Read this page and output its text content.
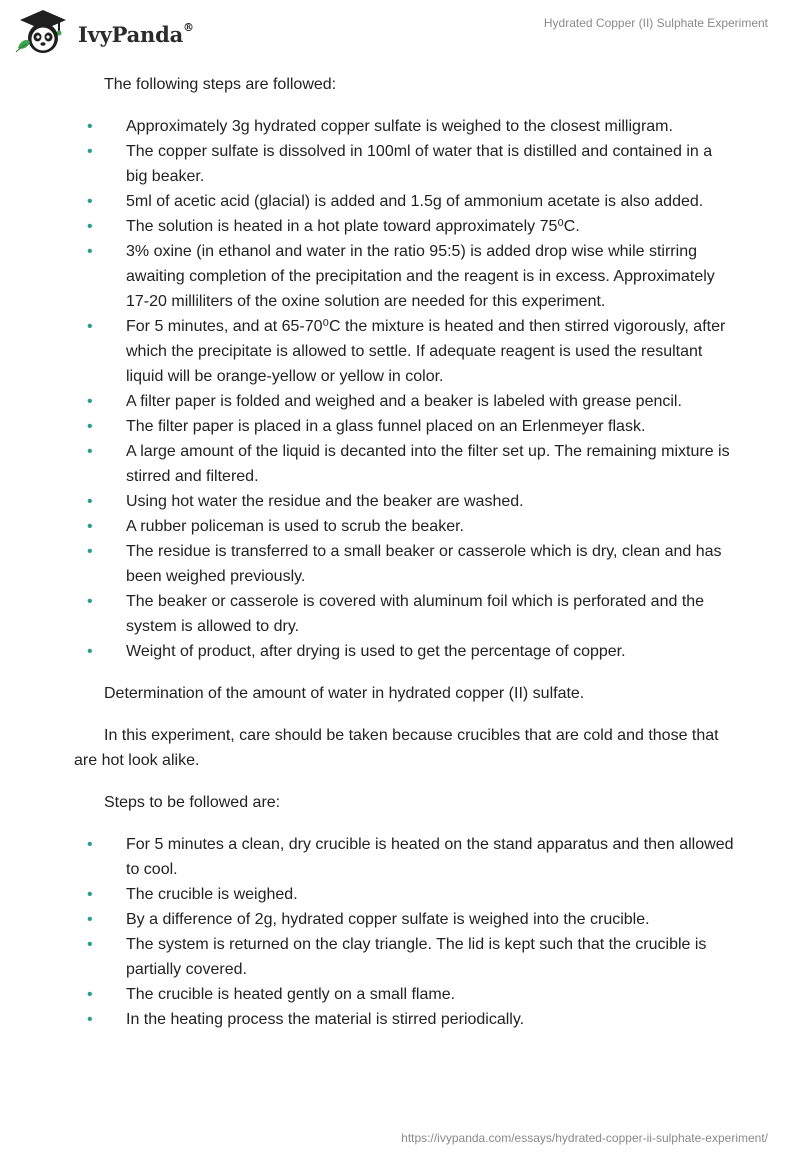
IvyPanda®	Hydrated Copper (II) Sulphate Experiment

The following steps are followed:

• Approximately 3g hydrated copper sulfate is weighed to the closest milligram.
• The copper sulfate is dissolved in 100ml of water that is distilled and contained in a big beaker.
• 5ml of acetic acid (glacial) is added and 1.5g of ammonium acetate is also added.
• The solution is heated in a hot plate toward approximately 75⁰C.
• 3% oxine (in ethanol and water in the ratio 95:5) is added drop wise while stirring awaiting completion of the precipitation and the reagent is in excess. Approximately 17-20 milliliters of the oxine solution are needed for this experiment.
• For 5 minutes, and at 65-70⁰C the mixture is heated and then stirred vigorously, after which the precipitate is allowed to settle. If adequate reagent is used the resultant liquid will be orange-yellow or yellow in color.
• A filter paper is folded and weighed and a beaker is labeled with grease pencil.
• The filter paper is placed in a glass funnel placed on an Erlenmeyer flask.
• A large amount of the liquid is decanted into the filter set up. The remaining mixture is stirred and filtered.
• Using hot water the residue and the beaker are washed.
• A rubber policeman is used to scrub the beaker.
• The residue is transferred to a small beaker or casserole which is dry, clean and has been weighed previously.
• The beaker or casserole is covered with aluminum foil which is perforated and the system is allowed to dry.
• Weight of product, after drying is used to get the percentage of copper.

Determination of the amount of water in hydrated copper (II) sulfate.

In this experiment, care should be taken because crucibles that are cold and those that are hot look alike.

Steps to be followed are:

• For 5 minutes a clean, dry crucible is heated on the stand apparatus and then allowed to cool.
• The crucible is weighed.
• By a difference of 2g, hydrated copper sulfate is weighed into the crucible.
• The system is returned on the clay triangle. The lid is kept such that the crucible is partially covered.
• The crucible is heated gently on a small flame.
• In the heating process the material is stirred periodically.
https://ivypanda.com/essays/hydrated-copper-ii-sulphate-experiment/
